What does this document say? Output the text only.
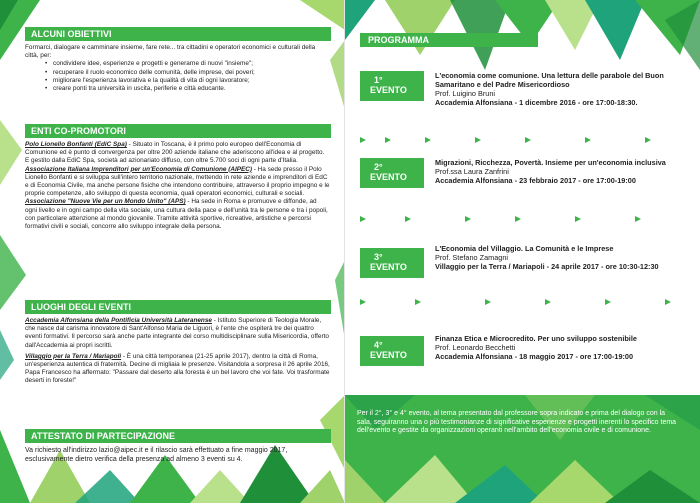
ALCUNI OBIETTIVI
Formarci, dialogare e camminare insieme, fare rete... tra cittadini e operatori economici e culturali della città, per:
• condividere idee, esperienze e progetti e generarne di nuovi "insieme";
• recuperare il ruolo economico delle comunità, delle imprese, dei poveri;
• migliorare l'esperienza lavorativa e la qualità di vita di ogni lavoratore;
• creare ponti tra università in uscita, periferie e città educante.
ENTI CO-PROMOTORI
Polo Lionello Bonfanti (EdiC Spa) - Situato in Toscana, è il primo polo europeo dell'Economia di Comunione ed è punto di convergenza per oltre 200 aziende italiane che aderiscono all'idea e al progetto. E gestito dalla EdiC Spa, società ad azionariato diffuso, con oltre 5.700 soci di ogni parte d'Italia.
Associazione Italiana Imprenditori per un'Economia di Comunione (AIPEC) - Ha sede presso il Polo Lionello Bonfanti e si sviluppa sull'intero territorio nazionale, mettendo in rete aziende e imprenditori di EdC e di Economia Civile, ma anche persone fisiche che intendono contribuire, attraverso il proprio impegno e le proprie competenze, allo sviluppo di questa economia, quali operatori economici, culturali e sociali.
Associazione "Nuove Vie per un Mondo Unito" (APS) - Ha sede in Roma e promuove e diffonde, ad ogni livello e in ogni campo della vita sociale, una cultura della pace e dell'unità tra le persone e tra i popoli, con particolare attenzione al mondo giovanile. Tramite attività sportive, ricreative, artistiche e percorsi formativi civili e sociali, concorre allo sviluppo integrale della persona.
LUOGHI DEGLI EVENTI
Accademia Alfonsiana della Pontificia Università Lateranense - Istituto Superiore di Teologia Morale, che nasce dal carisma innovatore di Sant'Alfonso Maria de Liguori, è l'ente che ospiterà tre dei quattro eventi formativi. Il percorso sarà anche parte integrante del corso multidisciplinare sulla Misericordia, offerto dall'Accademia ai propri iscritti.
Villaggio per la Terra / Mariapoli - È una città temporanea (21-25 aprile 2017), dentro la città di Roma, un'esperienza autentica di fraternità. Decine di migliaia le presenze. Visitandola a sorpresa il 26 aprile 2016, Papa Francesco ha affermato: "Passare dal deserto alla foresta è un bel lavoro che voi fate. Voi trasformate deserti in foreste!"
ATTESTATO DI PARTECIPAZIONE
Va richiesto all'indirizzo lazio@aipec.it e il rilascio sarà effettuato a fine maggio 2017, esclusivamente dietro verifica della presenza ad almeno 3 eventi su 4.
PROGRAMMA
1°
EVENTO
L'economia come comunione. Una lettura delle parabole del Buon Samaritano e del Padre Misericordioso
Prof. Luigino Bruni
Accademia Alfonsiana - 1 dicembre 2016 - ore 17:00-18:30.
2°
EVENTO
Migrazioni, Ricchezza, Povertà. Insieme per un'economia inclusiva
Prof.ssa Laura Zanfrini
Accademia Alfonsiana - 23 febbraio 2017 - ore 17:00-19:00
3°
EVENTO
L'Economia del Villaggio. La Comunità e le Imprese
Prof. Stefano Zamagni
Villaggio per la Terra / Mariapoli - 24 aprile 2017 - ore 10:30-12:30
4°
EVENTO
Finanza Etica e Microcredito. Per uno sviluppo sostenibile
Prof. Leonardo Becchetti
Accademia Alfonsiana - 18 maggio 2017 - ore 17:00-19:00
Per il 2°, 3° e 4° evento, al tema presentato dal professore sopra indicato e prima del dialogo con la sala, seguiranno una o più testimonianze di significative esperienze e progetti inerenti lo specifico tema dell'evento e gestite da organizzazioni operanti nell'ambito dell'economia civile e di comunione.
